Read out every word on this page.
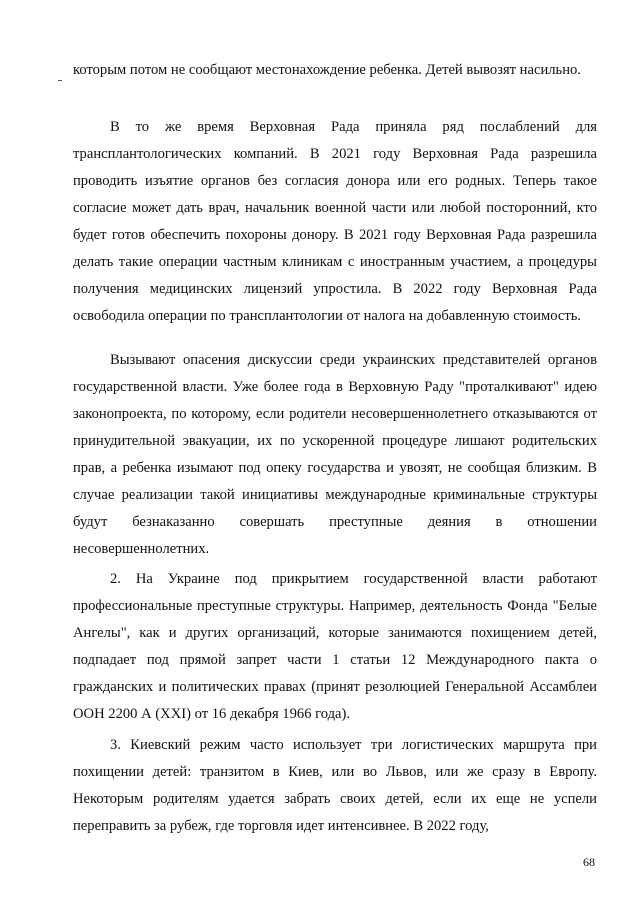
которым потом не сообщают местонахождение ребенка. Детей вывозят насильно.

В то же время Верховная Рада приняла ряд послаблений для трансплантологических компаний. В 2021 году Верховная Рада разрешила проводить изъятие органов без согласия донора или его родных. Теперь такое согласие может дать врач, начальник военной части или любой посторонний, кто будет готов обеспечить похороны донору. В 2021 году Верховная Рада разрешила делать такие операции частным клиникам с иностранным участием, а процедуры получения медицинских лицензий упростила. В 2022 году Верховная Рада освободила операции по трансплантологии от налога на добавленную стоимость.

Вызывают опасения дискуссии среди украинских представителей органов государственной власти. Уже более года в Верховную Раду "проталкивают" идею законопроекта, по которому, если родители несовершеннолетнего отказываются от принудительной эвакуации, их по ускоренной процедуре лишают родительских прав, а ребенка изымают под опеку государства и увозят, не сообщая близким. В случае реализации такой инициативы международные криминальные структуры будут безнаказанно совершать преступные деяния в отношении несовершеннолетних.

2. На Украине под прикрытием государственной власти работают профессиональные преступные структуры. Например, деятельность Фонда "Белые Ангелы", как и других организаций, которые занимаются похищением детей, подпадает под прямой запрет части 1 статьи 12 Международного пакта о гражданских и политических правах (принят резолюцией Генеральной Ассамблеи ООН 2200 А (XXI) от 16 декабря 1966 года).

3. Киевский режим часто использует три логистических маршрута при похищении детей: транзитом в Киев, или во Львов, или же сразу в Европу. Некоторым родителям удается забрать своих детей, если их еще не успели переправить за рубеж, где торговля идет интенсивнее. В 2022 году,

68
